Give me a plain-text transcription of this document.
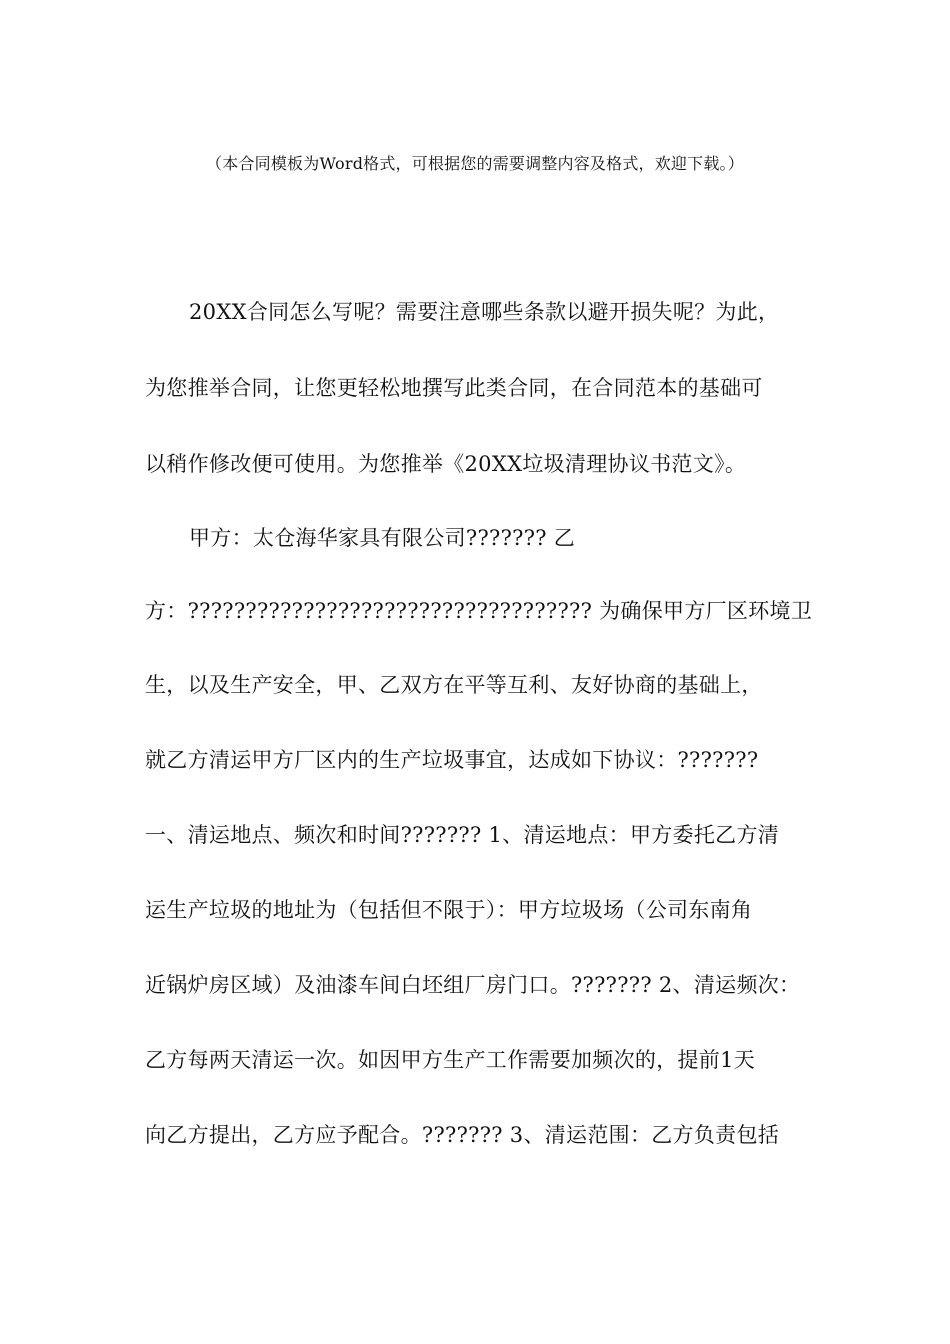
（本合同模板为Word格式，可根据您的需要调整内容及格式，欢迎下载。）
20XX合同怎么写呢？需要注意哪些条款以避开损失呢？为此，
为您推举合同，让您更轻松地撰写此类合同，在合同范本的基础可
以稍作修改便可使用。为您推举《20XX垃圾清理协议书范文》。
甲方：太仓海华家具有限公司??????? 乙
方：??????????????????????????????????? 为确保甲方厂区环境卫
生，以及生产安全，甲、乙双方在平等互利、友好协商的基础上，
就乙方清运甲方厂区内的生产垃圾事宜，达成如下协议：???????
一、清运地点、频次和时间??????? 1、清运地点：甲方委托乙方清
运生产垃圾的地址为（包括但不限于）：甲方垃圾场（公司东南角
近锅炉房区域）及油漆车间白坯组厂房门口。??????? 2、清运频次：
乙方每两天清运一次。如因甲方生产工作需要加频次的，提前1天
向乙方提出，乙方应予配合。??????? 3、清运范围：乙方负责包括
